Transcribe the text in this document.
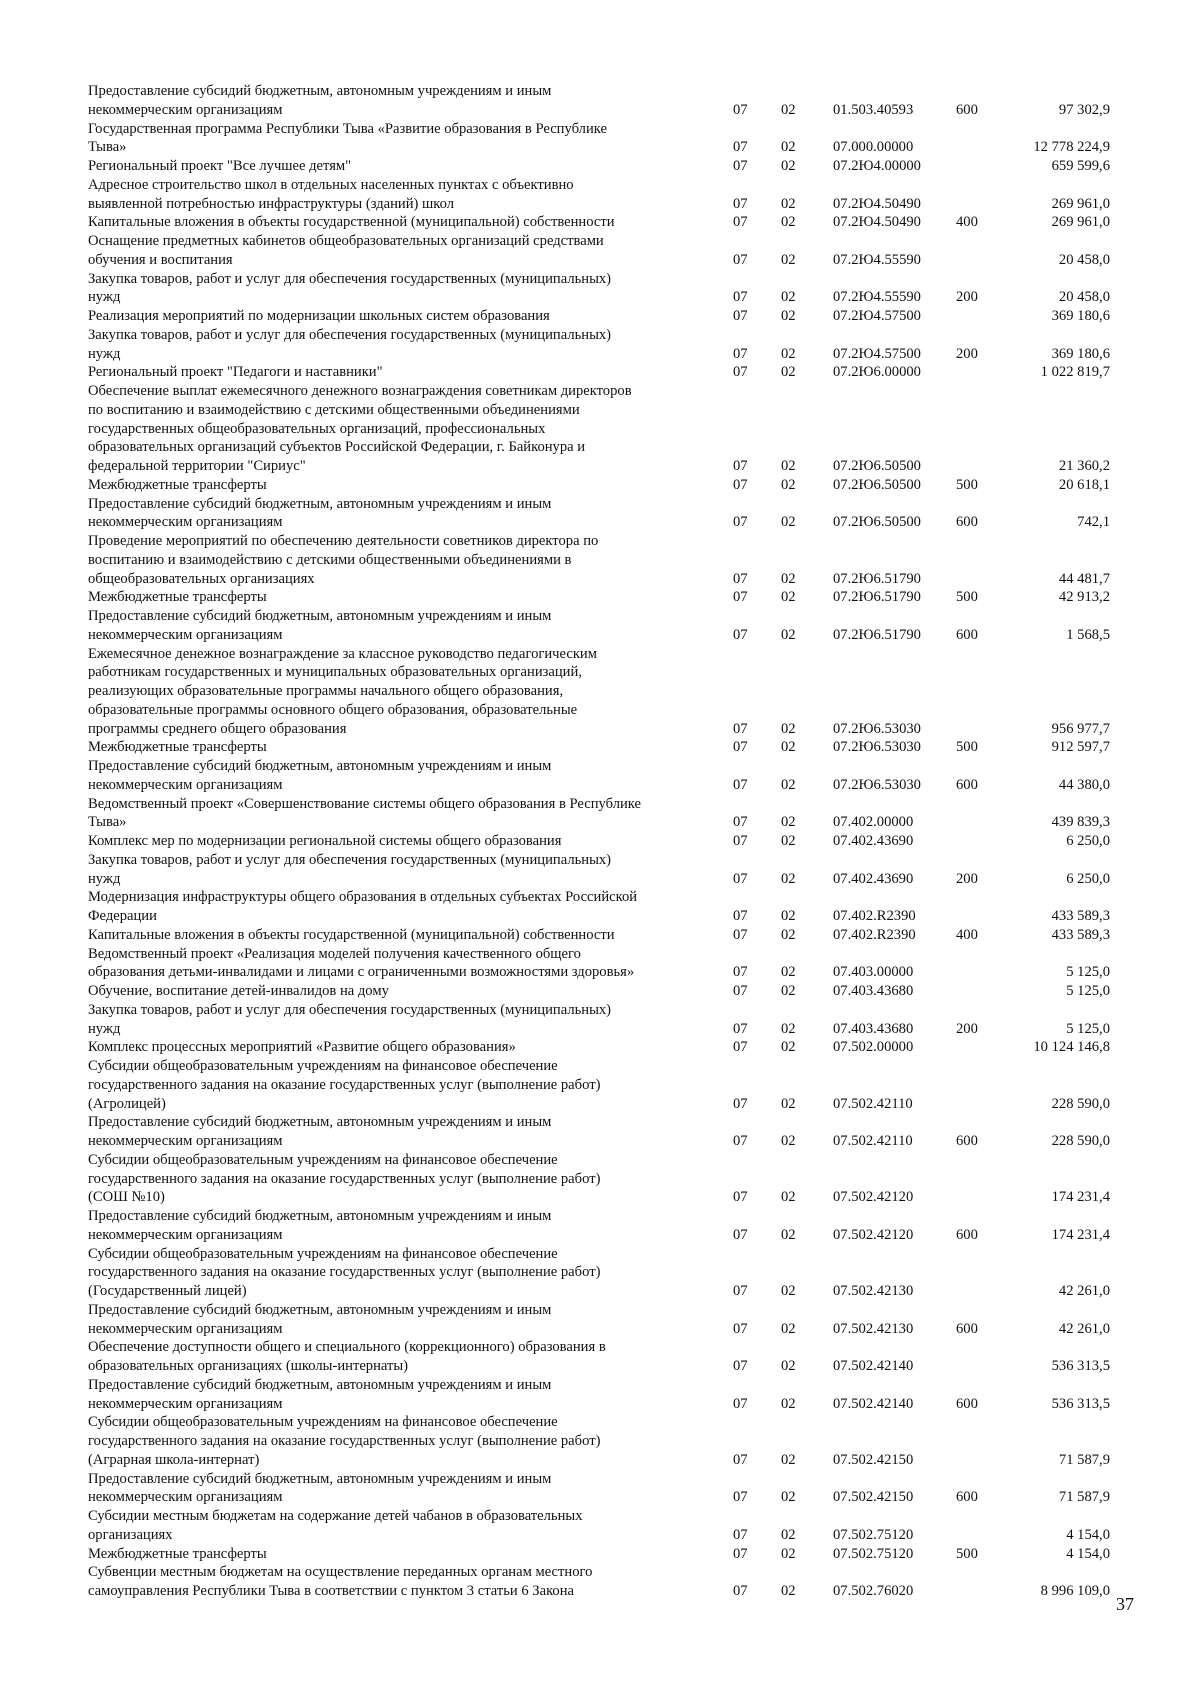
Предоставление субсидий бюджетным, автономным учреждениям и иным
некоммерческим организациям	07 02	01.503.40593	600	97 302,9
Государственная программа Республики Тыва «Развитие образования в Республике
Тыва»	07 02	07.000.00000	12 778 224,9
Региональный проект "Все лучшее детям"	07 02	07.2Ю4.00000	659 599,6
Адресное строительство школ в отдельных населенных пунктах с объективно
выявленной потребностью инфраструктуры (зданий) школ	07 02	07.2Ю4.50490	269 961,0
Капитальные вложения в объекты государственной (муниципальной) собственности	07 02	07.2Ю4.50490 400	269 961,0
Оснащение предметных кабинетов общеобразовательных организаций средствами
обучения и воспитания	07 02	07.2Ю4.55590	20 458,0
Закупка товаров, работ и услуг для обеспечения государственных (муниципальных)
нужд	07 02	07.2Ю4.55590 200	20 458,0
Реализация мероприятий по модернизации школьных систем образования	07 02	07.2Ю4.57500	369 180,6
Закупка товаров, работ и услуг для обеспечения государственных (муниципальных)
нужд	07 02	07.2Ю4.57500 200	369 180,6
Региональный проект "Педагоги и наставники"	07 02	07.2Ю6.00000	1 022 819,7
Обеспечение выплат ежемесячного денежного вознаграждения советникам директоров
по воспитанию и взаимодействию с детскими общественными объединениями
государственных общеобразовательных организаций, профессиональных
образовательных организаций субъектов Российской Федерации, г. Байконура и
федеральной территории "Сириус"	07 02	07.2Ю6.50500	21 360,2
Межбюджетные трансферты	07 02	07.2Ю6.50500 500	20 618,1
Предоставление субсидий бюджетным, автономным учреждениям и иным
некоммерческим организациям	07 02	07.2Ю6.50500 600	742,1
Проведение мероприятий по обеспечению деятельности советников директора по
воспитанию и взаимодействию с детскими общественными объединениями в
общеобразовательных организациях	07 02	07.2Ю6.51790	44 481,7
Межбюджетные трансферты	07 02	07.2Ю6.51790 500	42 913,2
Предоставление субсидий бюджетным, автономным учреждениям и иным
некоммерческим организациям	07 02	07.2Ю6.51790 600	1 568,5
Ежемесячное денежное вознаграждение за классное руководство педагогическим
работникам государственных и муниципальных образовательных организаций,
реализующих образовательные программы начального общего образования,
образовательные программы основного общего образования, образовательные
программы среднего общего образования	07 02	07.2Ю6.53030	956 977,7
Межбюджетные трансферты	07 02	07.2Ю6.53030 500	912 597,7
Предоставление субсидий бюджетным, автономным учреждениям и иным
некоммерческим организациям	07 02	07.2Ю6.53030 600	44 380,0
Ведомственный проект «Совершенствование системы общего образования в Республике
Тыва»	07 02	07.402.00000	439 839,3
Комплекс мер по модернизации региональной системы общего образования	07 02	07.402.43690	6 250,0
Закупка товаров, работ и услуг для обеспечения государственных (муниципальных)
нужд	07 02	07.402.43690	200	6 250,0
Модернизация инфраструктуры общего образования в отдельных субъектах Российской
Федерации	07 02	07.402.R2390	433 589,3
Капитальные вложения в объекты государственной (муниципальной) собственности	07 02	07.402.R2390	400	433 589,3
Ведомственный проект «Реализация моделей получения качественного общего
образования детьми-инвалидами и лицами с ограниченными возможностями здоровья»	07 02	07.403.00000	5 125,0
Обучение, воспитание детей-инвалидов на дому	07 02	07.403.43680	5 125,0
Закупка товаров, работ и услуг для обеспечения государственных (муниципальных)
нужд	07 02	07.403.43680	200	5 125,0
Комплекс процессных мероприятий «Развитие общего образования»	07 02	07.502.00000	10 124 146,8
Субсидии общеобразовательным учреждениям на финансовое обеспечение
государственного задания на оказание государственных услуг (выполнение работ)
(Агролицей)	07 02	07.502.42110	228 590,0
Предоставление субсидий бюджетным, автономным учреждениям и иным
некоммерческим организациям	07 02	07.502.42110	600	228 590,0
Субсидии общеобразовательным учреждениям на финансовое обеспечение
государственного задания на оказание государственных услуг (выполнение работ)
(СОШ №10)	07 02	07.502.42120	174 231,4
Предоставление субсидий бюджетным, автономным учреждениям и иным
некоммерческим организациям	07 02	07.502.42120	600	174 231,4
Субсидии общеобразовательным учреждениям на финансовое обеспечение
государственного задания на оказание государственных услуг (выполнение работ)
(Государственный лицей)	07 02	07.502.42130	42 261,0
Предоставление субсидий бюджетным, автономным учреждениям и иным
некоммерческим организациям	07 02	07.502.42130	600	42 261,0
Обеспечение доступности общего и специального (коррекционного) образования в
образовательных организациях (школы-интернаты)	07 02	07.502.42140	536 313,5
Предоставление субсидий бюджетным, автономным учреждениям и иным
некоммерческим организациям	07 02	07.502.42140	600	536 313,5
Субсидии общеобразовательным учреждениям на финансовое обеспечение
государственного задания на оказание государственных услуг (выполнение работ)
(Аграрная школа-интернат)	07 02	07.502.42150	71 587,9
Предоставление субсидий бюджетным, автономным учреждениям и иным
некоммерческим организациям	07 02	07.502.42150	600	71 587,9
Субсидии местным бюджетам на содержание детей чабанов в образовательных
организациях	07 02	07.502.75120	4 154,0
Межбюджетные трансферты	07 02	07.502.75120	500	4 154,0
Субвенции местным бюджетам на осуществление переданных органам местного
самоуправления Республики Тыва в соответствии с пунктом 3 статьи 6 Закона	07 02	07.502.76020	8 996 109,0
37
